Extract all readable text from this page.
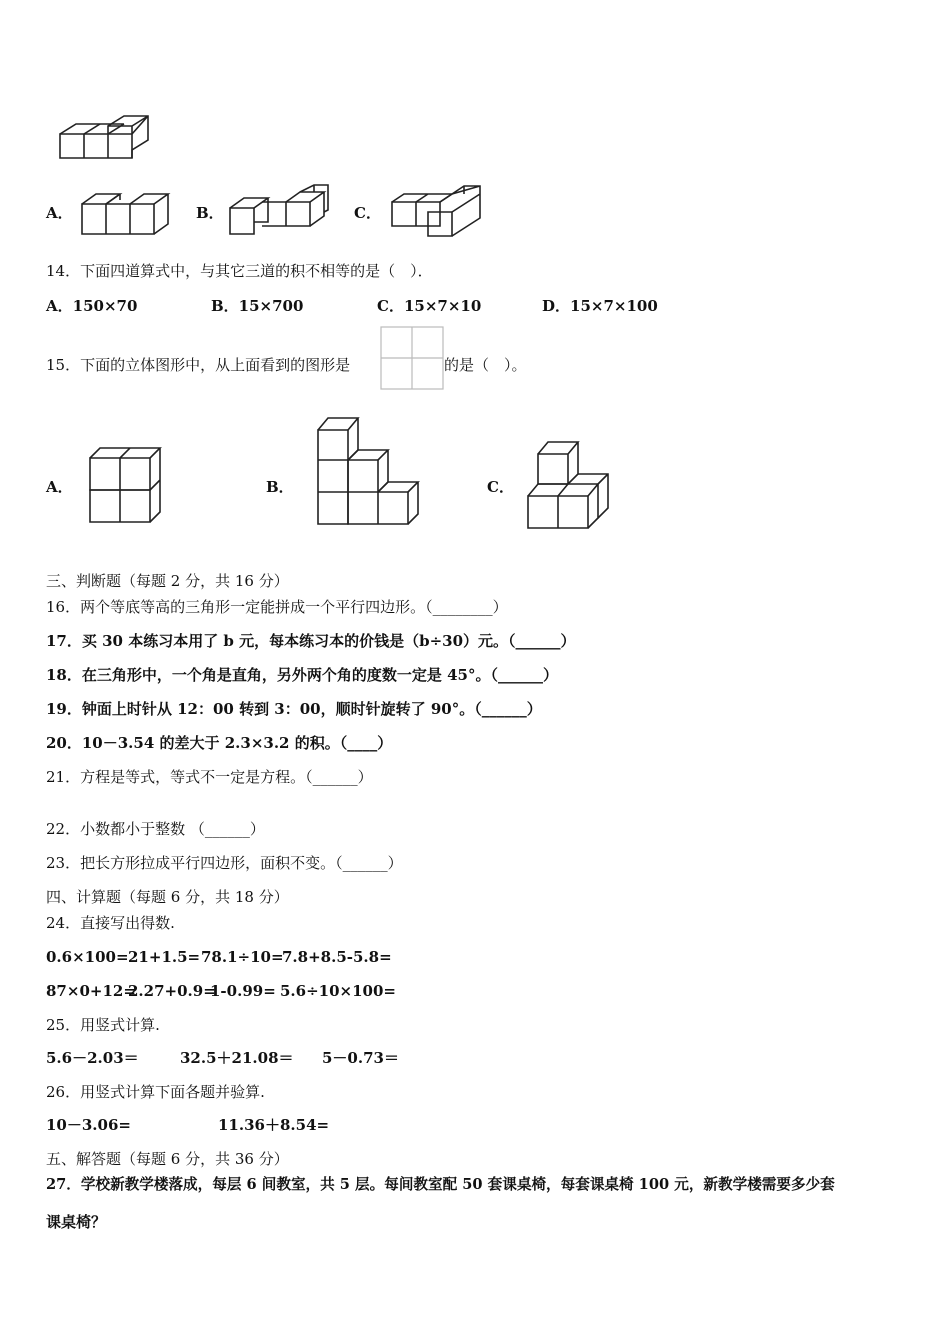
A．	B．	C．
14．下面四道算式中，与其它三道的积不相等的是（　）．
A．150×70	B．15×700	C．15×7×10	D．15×7×100
15．下面的立体图形中，从上面看到的图形是	的是（　）。
A．	B．	C．
三、判断题（每题 2 分，共 16 分）
16．两个等底等高的三角形一定能拼成一个平行四边形。（________）
17．买 30 本练习本用了 b 元，每本练习本的价钱是（b÷30）元。（______）
18．在三角形中，一个角是直角，另外两个角的度数一定是 45°。（______）
19．钟面上时针从 12：00 转到 3：00，顺时针旋转了 90°。（______）
20．10－3.54 的差大于 2.3×3.2 的积。（____）
21．方程是等式，等式不一定是方程。（______）
22．小数都小于整数 （______）
23．把长方形拉成平行四边形，面积不变。（______）
四、计算题（每题 6 分，共 18 分）
24．直接写出得数.
0.6×100= 21+1.5= 78.1÷10=
7.8+8.5-5.8=
87×0+12=
2.27+0.9=
1-0.99= 5.6÷10×100=
25．用竖式计算.
5.6－2.03＝	32.5＋21.08＝ 5－0.73＝
26．用竖式计算下面各题并验算.
10－3.06=	11.36＋8.54=
五、解答题（每题 6 分，共 36 分）
27．学校新教学楼落成，每层 6 间教室，共 5 层。每间教室配 50 套课桌椅，每套课桌椅 100 元，新教学楼需要多少套
课桌椅？
